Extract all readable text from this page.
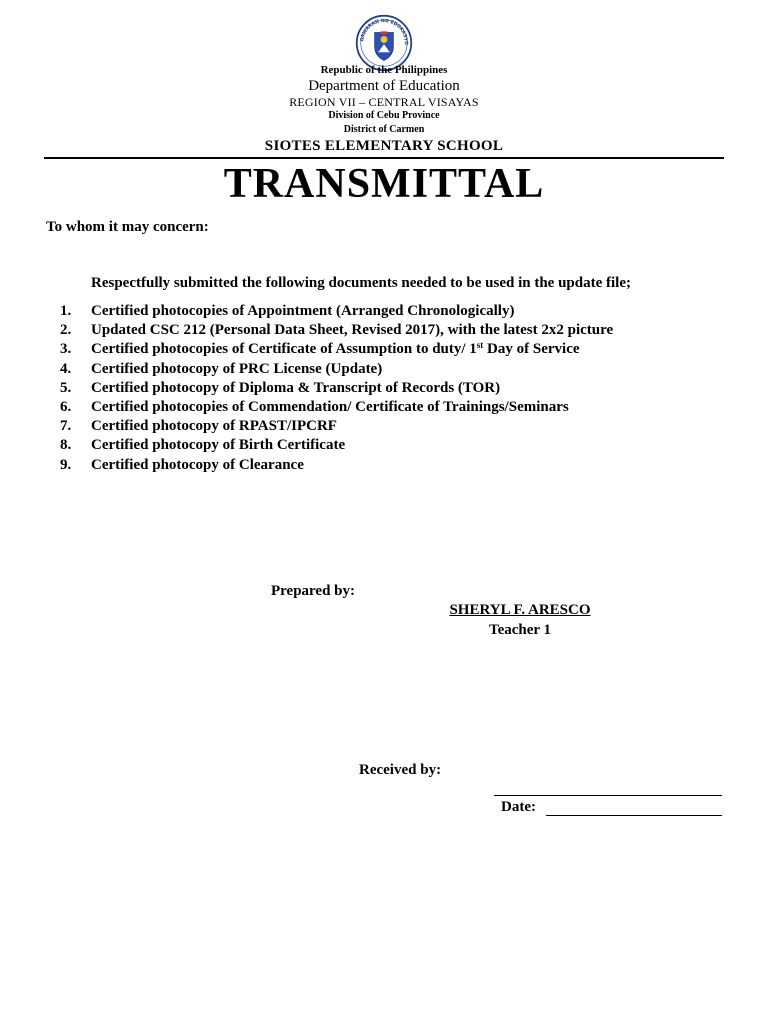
GAWARAN NG EDUKASYO
Republic of the Philippines
Department of Education
REGION VII – CENTRAL VISAYAS
Division of Cebu Province
District of Carmen
SIOTES ELEMENTARY SCHOOL
TRANSMITTAL
To whom it may concern:
Respectfully submitted the following documents needed to be used in the update file;
1. Certified photocopies of Appointment (Arranged Chronologically)
2. Updated CSC 212 (Personal Data Sheet, Revised 2017), with the latest 2x2 picture
3. Certified photocopies of Certificate of Assumption to duty/ 1st Day of Service
4. Certified photocopy of PRC License (Update)
5. Certified photocopy of Diploma & Transcript of Records (TOR)
6. Certified photocopies of Commendation/ Certificate of Trainings/Seminars
7. Certified photocopy of RPAST/IPCRF
8. Certified photocopy of Birth Certificate
9. Certified photocopy of Clearance
Prepared by:
SHERYL F. ARESCO
Teacher 1
Received by:
Date:
